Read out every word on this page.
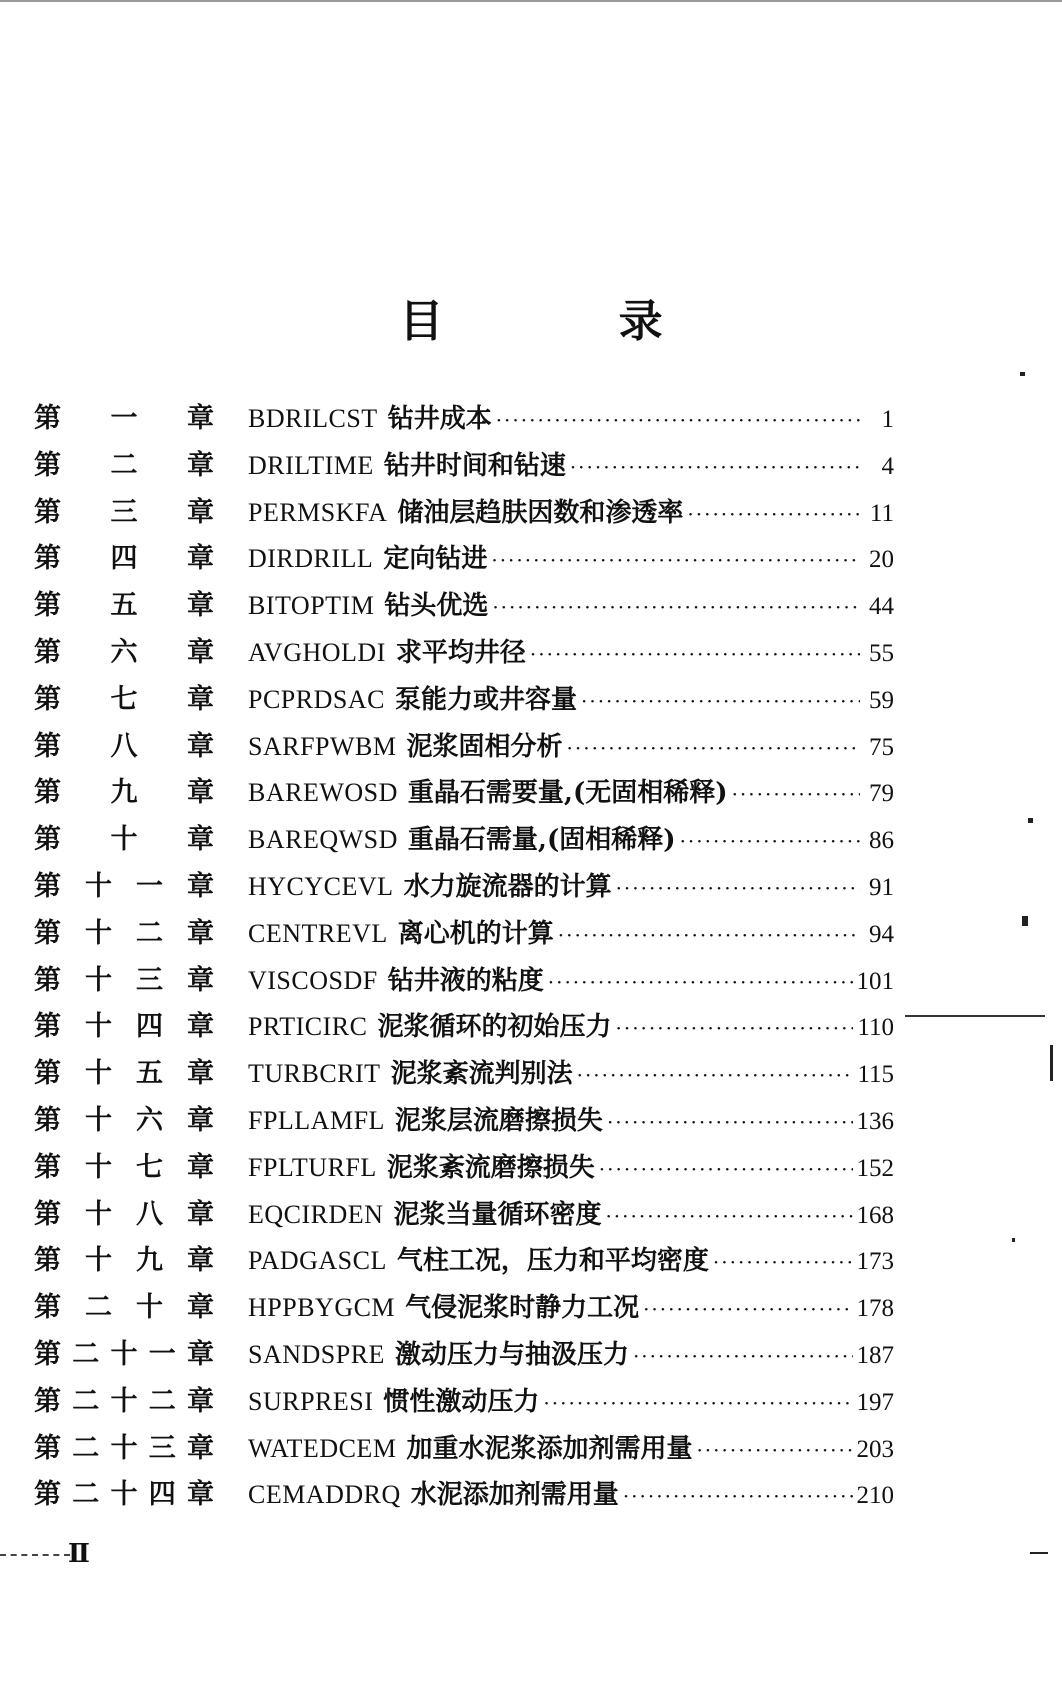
目 录
第 一 章 BDRILCST 钻井成本 ·····	1
第 二 章 DRILTIME 钻井时间和钻速 ·····	4
第 三 章 PERMSKFA 储油层趋肤因数和渗透率 ·····	11
第 四 章 DIRDRILL 定向钻进 ·····	20
第 五 章 BITOPTIM 钻头优选 ·····	44
第 六 章 AVGHOLDI 求平均井径 ·····	55
第 七 章 PCPRDSAC 泵能力或井容量 ·····	59
第 八 章 SARFPWBM 泥浆固相分析 ·····	75
第 九 章 BAREWOSD 重晶石需要量,(无固相稀释) ·····	79
第 十 章 BAREQWSD 重晶石需量,(固相稀释) ·····	86
第十一章 HYCYCEVL 水力旋流器的计算 ·····	91
第十二章 CENTREVL 离心机的计算 ·····	94
第十三章 VISCOSDF 钻井液的粘度 ·····	101
第十四章 PRTICIRC 泥浆循环的初始压力 ·····	110
第十五章 TURBCRIT 泥浆紊流判别法 ·····	115
第十六章 FPLLAMFL 泥浆层流磨擦损失 ·····	136
第十七章 FPLTURFL 泥浆紊流磨擦损失 ·····	152
第十八章 EQCIRDEN 泥浆当量循环密度 ·····	168
第十九章 PADGASCL 气柱工况，压力和平均密度 ·····	173
第二十章 HPPBYGCM 气侵泥浆时静力工况 ·····	178
第二十一章 SANDSPRE 激动压力与抽汲压力 ·····	187
第二十二章 SURPRESI 惯性激动压力 ·····	197
第二十三章 WATEDCEM 加重水泥浆添加剂需用量 ·····	203
第二十四章 CEMADDRQ 水泥添加剂需用量 ·····	210
Ⅱ
